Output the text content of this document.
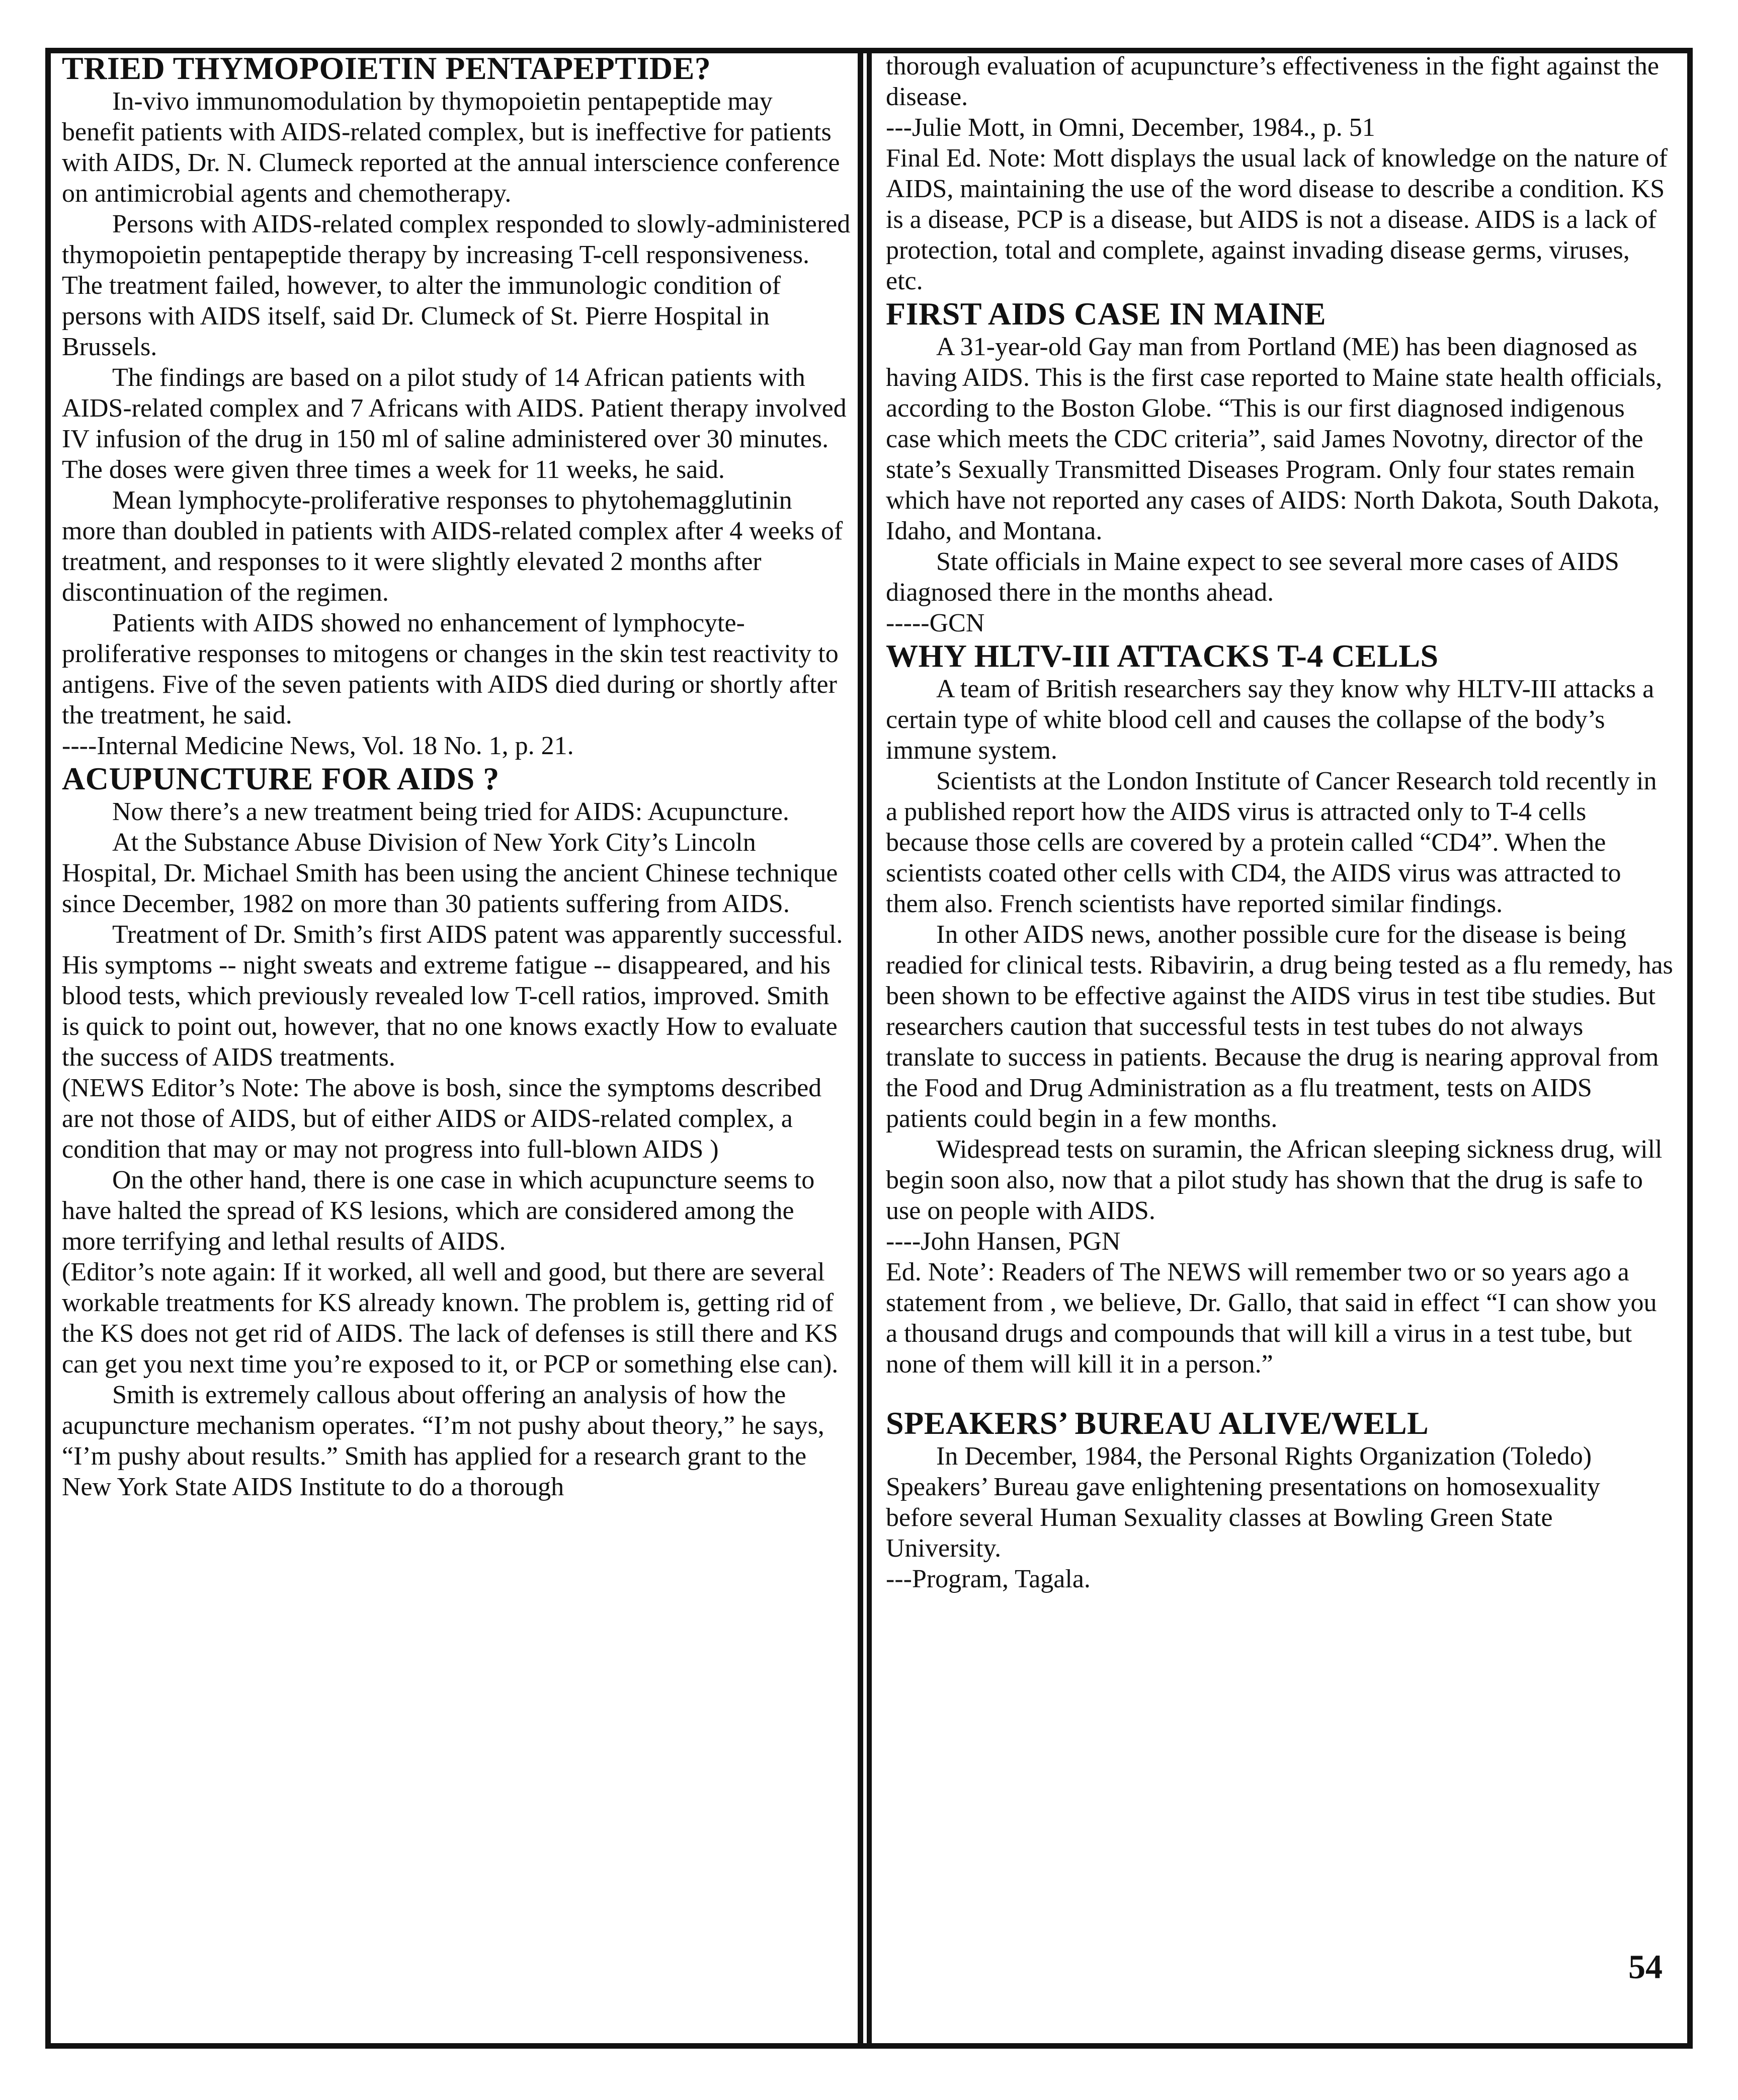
TRIED THYMOPOIETIN PENTAPEPTIDE?

In-vivo immunomodulation by thymopoietin pentapeptide may benefit patients with AIDS-related complex, but is ineffective for patients with AIDS, Dr. N. Clumeck reported at the annual interscience conference on antimicrobial agents and chemotherapy.

Persons with AIDS-related complex responded to slowly-administered thymopoietin pentapeptide therapy by increasing T-cell responsiveness. The treatment failed, however, to alter the immunologic condition of persons with AIDS itself, said Dr. Clumeck of St. Pierre Hospital in Brussels.

The findings are based on a pilot study of 14 African patients with AIDS-related complex and 7 Africans with AIDS. Patient therapy involved IV infusion of the drug in 150 ml of saline administered over 30 minutes. The doses were given three times a week for 11 weeks, he said.

Mean lymphocyte-proliferative responses to phytohemagglutinin more than doubled in patients with AIDS-related complex after 4 weeks of treatment, and responses to it were slightly elevated 2 months after discontinuation of the regimen.

Patients with AIDS showed no enhancement of lymphocyte-proliferative responses to mitogens or changes in the skin test reactivity to antigens. Five of the seven patients with AIDS died during or shortly after the treatment, he said.

----Internal Medicine News, Vol. 18 No. 1, p. 21.

ACUPUNCTURE FOR AIDS ?

Now there’s a new treatment being tried for AIDS: Acupuncture.

At the Substance Abuse Division of New York City’s Lincoln Hospital, Dr. Michael Smith has been using the ancient Chinese technique since December, 1982 on more than 30 patients suffering from AIDS.

Treatment of Dr. Smith’s first AIDS patent was apparently successful. His symptoms -- night sweats and extreme fatigue -- disappeared, and his blood tests, which previously revealed low T-cell ratios, improved. Smith is quick to point out, however, that no one knows exactly How to evaluate the success of AIDS treatments.

(NEWS Editor’s Note: The above is bosh, since the symptoms described are not those of AIDS, but of either AIDS or AIDS-related complex, a condition that may or may not progress into full-blown AIDS )

On the other hand, there is one case in which acupuncture seems to have halted the spread of KS lesions, which are considered among the more terrifying and lethal results of AIDS.

(Editor’s note again: If it worked, all well and good, but there are several workable treatments for KS already known. The problem is, getting rid of the KS does not get rid of AIDS. The lack of defenses is still there and KS can get you next time you’re exposed to it, or PCP or something else can).

Smith is extremely callous about offering an analysis of how the acupuncture mechanism operates. “I’m not pushy about theory,” he says, “I’m pushy about results.” Smith has applied for a research grant to the New York State AIDS Institute to do a thorough

thorough evaluation of acupuncture’s effectiveness in the fight against the disease.

---Julie Mott, in Omni, December, 1984., p. 51

Final Ed. Note: Mott displays the usual lack of knowledge on the nature of AIDS, maintaining the use of the word disease to describe a condition. KS is a disease, PCP is a disease, but AIDS is not a disease. AIDS is a lack of protection, total and complete, against invading disease germs, viruses, etc.

FIRST AIDS CASE IN MAINE

A 31-year-old Gay man from Portland (ME) has been diagnosed as having AIDS. This is the first case reported to Maine state health officials, according to the Boston Globe. “This is our first diagnosed indigenous case which meets the CDC criteria”, said James Novotny, director of the state’s Sexually Transmitted Diseases Program. Only four states remain which have not reported any cases of AIDS: North Dakota, South Dakota, Idaho, and Montana.

State officials in Maine expect to see several more cases of AIDS diagnosed there in the months ahead.

-----GCN

WHY HLTV-III ATTACKS T-4 CELLS

A team of British researchers say they know why HLTV-III attacks a certain type of white blood cell and causes the collapse of the body’s immune system.

Scientists at the London Institute of Cancer Research told recently in a published report how the AIDS virus is attracted only to T-4 cells because those cells are covered by a protein called “CD4”. When the scientists coated other cells with CD4, the AIDS virus was attracted to them also. French scientists have reported similar findings.

In other AIDS news, another possible cure for the disease is being readied for clinical tests. Ribavirin, a drug being tested as a flu remedy, has been shown to be effective against the AIDS virus in test tibe studies. But researchers caution that successful tests in test tubes do not always translate to success in patients. Because the drug is nearing approval from the Food and Drug Administration as a flu treatment, tests on AIDS patients could begin in a few months.

Widespread tests on suramin, the African sleeping sickness drug, will begin soon also, now that a pilot study has shown that the drug is safe to use on people with AIDS.

----John Hansen, PGN

Ed. Note’: Readers of The NEWS will remember two or so years ago a statement from , we believe, Dr. Gallo, that said in effect “I can show you a thousand drugs and compounds that will kill a virus in a test tube, but none of them will kill it in a person.”

SPEAKERS’ BUREAU ALIVE/WELL

In December, 1984, the Personal Rights Organization (Toledo) Speakers’ Bureau gave enlightening presentations on homosexuality before several Human Sexuality classes at Bowling Green State University.

---Program, Tagala.

54
